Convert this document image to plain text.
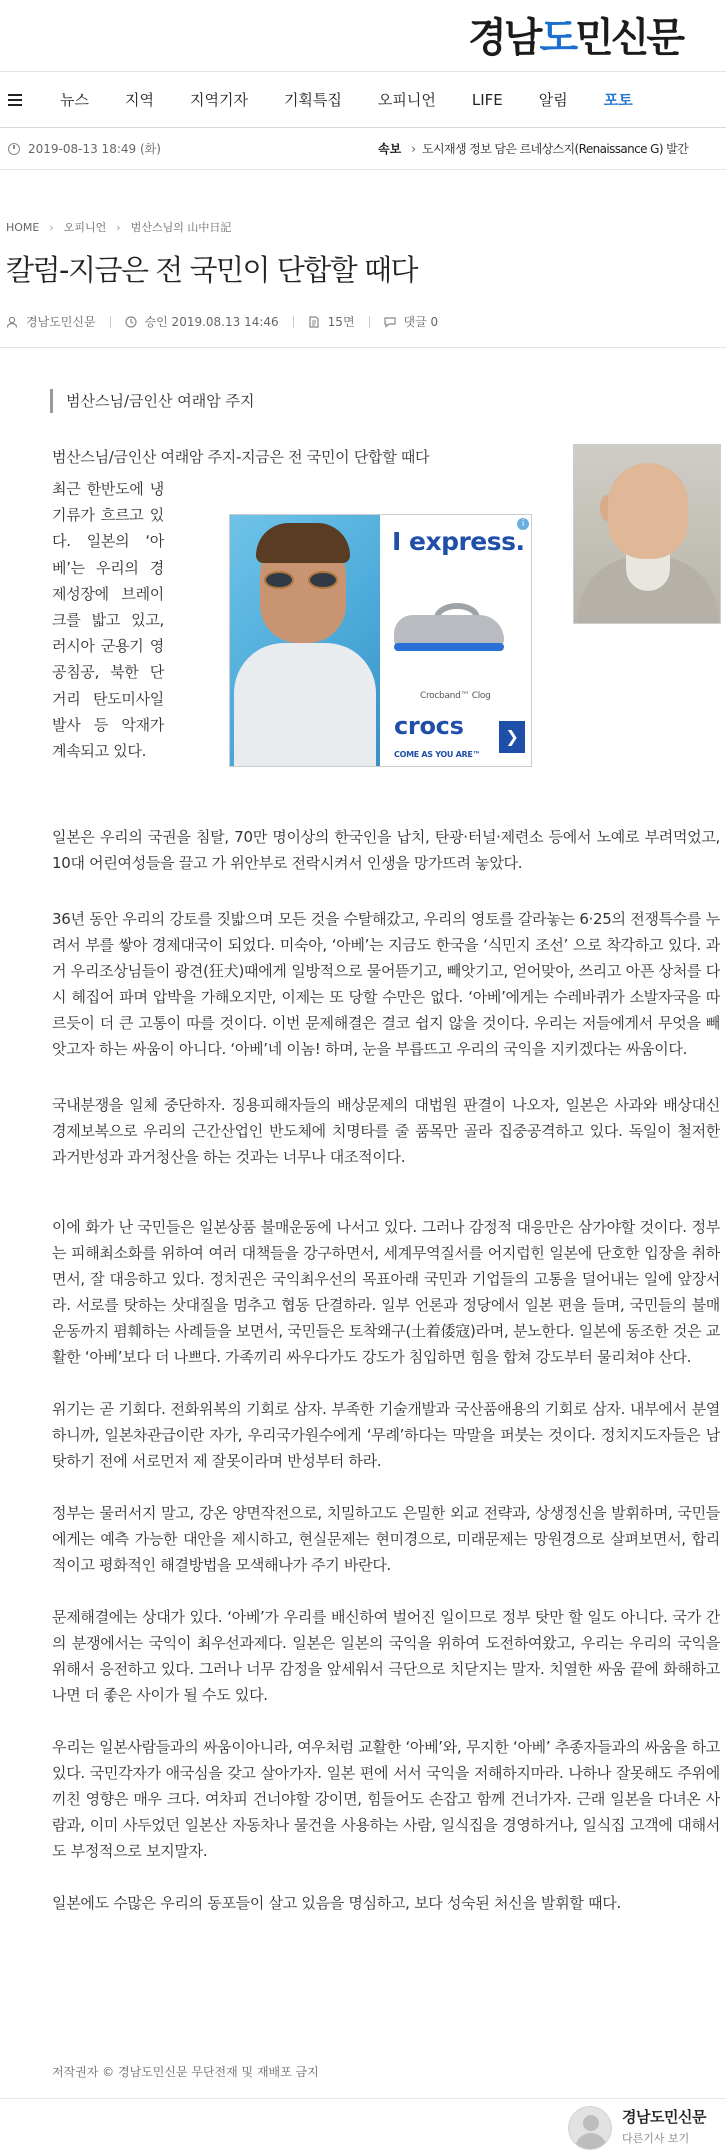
경남도민신문
뉴스 지역 지역기자 기획특집 오피니언 LIFE 알림 포토
2019-08-13 18:49 (화)	속보 › 도시재생 정보 담은 르네상스지(Renaissance G) 발간
HOME › 오피니언 › 범산스님의 山中日記
칼럼-지금은 전 국민이 단합할 때다
경남도민신문	승인 2019.08.13 14:46	15면	댓글 0
범산스님/금인산 여래암 주지
범산스님/금인산 여래암 주지-지금은 전 국민이 단합할 때다

최근 한반도에 냉기류가 흐르고 있다. 일본의 ‘아베’는 우리의 경제성장에 브레이크를 밟고 있고, 러시아 군용기 영공침공, 북한 단거리 탄도미사일 발사 등 악재가 계속되고 있다.

i
I express.
Crocband™ Clog
crocs
COME AS YOU ARE™
❯

일본은 우리의 국권을 침탈, 70만 명이상의 한국인을 납치, 탄광·터널·제련소 등에서 노예로 부려먹었고, 10대 어린여성들을 끌고 가 위안부로 전락시켜서 인생을 망가뜨려 놓았다.

36년 동안 우리의 강토를 짓밟으며 모든 것을 수탈해갔고, 우리의 영토를 갈라놓는 6·25의 전쟁특수를 누려서 부를 쌓아 경제대국이 되었다. 미숙아, ‘아베’는 지금도 한국을 ‘식민지 조선’ 으로 착각하고 있다. 과거 우리조상님들이 광견(狂犬)때에게 일방적으로 물어뜯기고, 빼앗기고, 얻어맞아, 쓰리고 아픈 상처를 다시 헤집어 파며 압박을 가해오지만, 이제는 또 당할 수만은 없다. ‘아베’에게는 수레바퀴가 소발자국을 따르듯이 더 큰 고통이 따를 것이다. 이번 문제해결은 결코 쉽지 않을 것이다. 우리는 저들에게서 무엇을 빼앗고자 하는 싸움이 아니다. ‘아베’네 이놈! 하며, 눈을 부릅뜨고 우리의 국익을 지키겠다는 싸움이다.

국내분쟁을 일체 중단하자. 징용피해자들의 배상문제의 대법원 판결이 나오자, 일본은 사과와 배상대신 경제보복으로 우리의 근간산업인 반도체에 치명타를 줄 품목만 골라 집중공격하고 있다. 독일이 철저한 과거반성과 과거청산을 하는 것과는 너무나 대조적이다.

이에 화가 난 국민들은 일본상품 불매운동에 나서고 있다. 그러나 감정적 대응만은 삼가야할 것이다. 정부는 피해최소화를 위하여 여러 대책들을 강구하면서, 세계무역질서를 어지럽힌 일본에 단호한 입장을 취하면서, 잘 대응하고 있다. 정치권은 국익최우선의 목표아래 국민과 기업들의 고통을 덜어내는 일에 앞장서라. 서로를 탓하는 삿대질을 멈추고 협동 단결하라. 일부 언론과 정당에서 일본 편을 들며, 국민들의 불매운동까지 폄훼하는 사례들을 보면서, 국민들은 토착왜구(土着倭寇)라며, 분노한다. 일본에 동조한 것은 교활한 ‘아베’보다 더 나쁘다. 가족끼리 싸우다가도 강도가 침입하면 힘을 합쳐 강도부터 물리쳐야 산다.

위기는 곧 기회다. 전화위복의 기회로 삼자. 부족한 기술개발과 국산품애용의 기회로 삼자. 내부에서 분열하니까, 일본차관급이란 자가, 우리국가원수에게 ‘무례’하다는 막말을 퍼붓는 것이다. 정치지도자들은 남 탓하기 전에 서로먼저 제 잘못이라며 반성부터 하라.

정부는 물러서지 말고, 강온 양면작전으로, 치밀하고도 은밀한 외교 전략과, 상생정신을 발휘하며, 국민들에게는 예측 가능한 대안을 제시하고, 현실문제는 현미경으로, 미래문제는 망원경으로 살펴보면서, 합리적이고 평화적인 해결방법을 모색해나가 주기 바란다.

문제해결에는 상대가 있다. ‘아베’가 우리를 배신하여 벌어진 일이므로 정부 탓만 할 일도 아니다. 국가 간의 분쟁에서는 국익이 최우선과제다. 일본은 일본의 국익을 위하여 도전하여왔고, 우리는 우리의 국익을 위해서 응전하고 있다. 그러나 너무 감정을 앞세워서 극단으로 치닫지는 말자. 치열한 싸움 끝에 화해하고 나면 더 좋은 사이가 될 수도 있다.

우리는 일본사람들과의 싸움이아니라, 여우처럼 교활한 ‘아베’와, 무지한 ‘아베’ 추종자들과의 싸움을 하고 있다. 국민각자가 애국심을 갖고 살아가자. 일본 편에 서서 국익을 저해하지마라. 나하나 잘못해도 주위에 끼친 영향은 매우 크다. 여차피 건너야할 강이면, 힘들어도 손잡고 함께 건너가자. 근래 일본을 다녀온 사람과, 이미 사두었던 일본산 자동차나 물건을 사용하는 사람, 일식집을 경영하거나, 일식집 고객에 대해서도 부정적으로 보지말자.

일본에도 수많은 우리의 동포들이 살고 있음을 명심하고, 보다 성숙된 처신을 발휘할 때다.

저작권자 © 경남도민신문 무단전재 및 재배포 금지
경남도민신문
다른기사 보기
